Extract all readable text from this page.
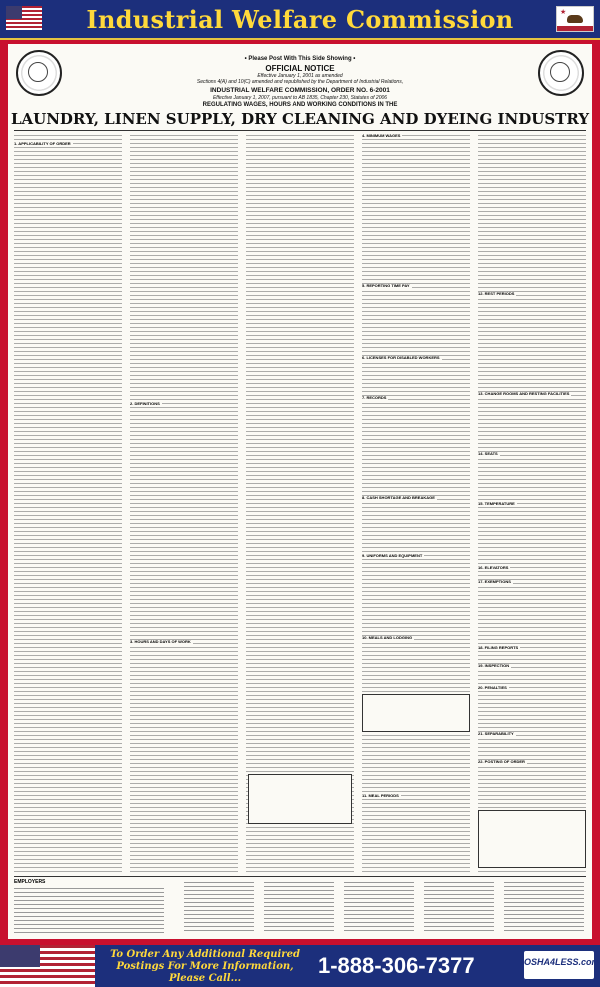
Industrial Welfare Commission	★
• Please Post With This Side Showing •
OFFICIAL NOTICE
Effective January 1, 2001 as amended
Sections 4(A) and 10(C) amended and republished by the Department of Industrial Relations,
INDUSTRIAL WELFARE COMMISSION, ORDER NO. 6-2001
Effective January 1, 2007, pursuant to AB 1835, Chapter 230, Statutes of 2006
REGULATING WAGES, HOURS AND WORKING CONDITIONS IN THE
LAUNDRY, LINEN SUPPLY, DRY CLEANING AND DYEING INDUSTRY
1. APPLICABILITY OF ORDER
2. DEFINITIONS
3. HOURS AND DAYS OF WORK
4. MINIMUM WAGES
5. REPORTING TIME PAY
6. LICENSES FOR DISABLED WORKERS
7. RECORDS
8. CASH SHORTAGE AND BREAKAGE
9. UNIFORMS AND EQUIPMENT
10. MEALS AND LODGING
11. MEAL PERIODS
12. REST PERIODS
13. CHANGE ROOMS AND RESTING FACILITIES
14. SEATS
15. TEMPERATURE
16. ELEVATORS
17. EXEMPTIONS
18. FILING REPORTS
19. INSPECTION
20. PENALTIES
21. SEPARABILITY
22. POSTING OF ORDER
EMPLOYERS
To Order Any Additional Required Postings For More Information, Please Call...
1-888-306-7377	OSHA4LESS.com
